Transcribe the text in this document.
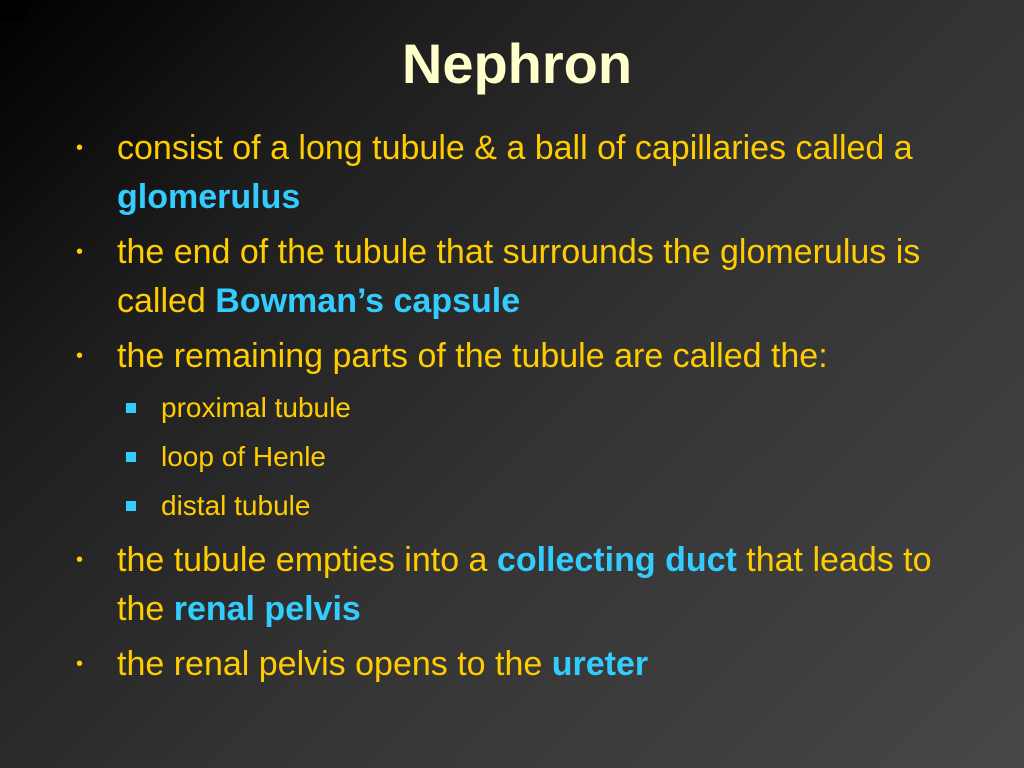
Nephron
• consist of a long tubule & a ball of capillaries called a glomerulus
• the end of the tubule that surrounds the glomerulus is called Bowman’s capsule
• the remaining parts of the tubule are called the:
proximal tubule
loop of Henle
distal tubule
• the tubule empties into a collecting duct that leads to the renal pelvis
• the renal pelvis opens to the ureter
